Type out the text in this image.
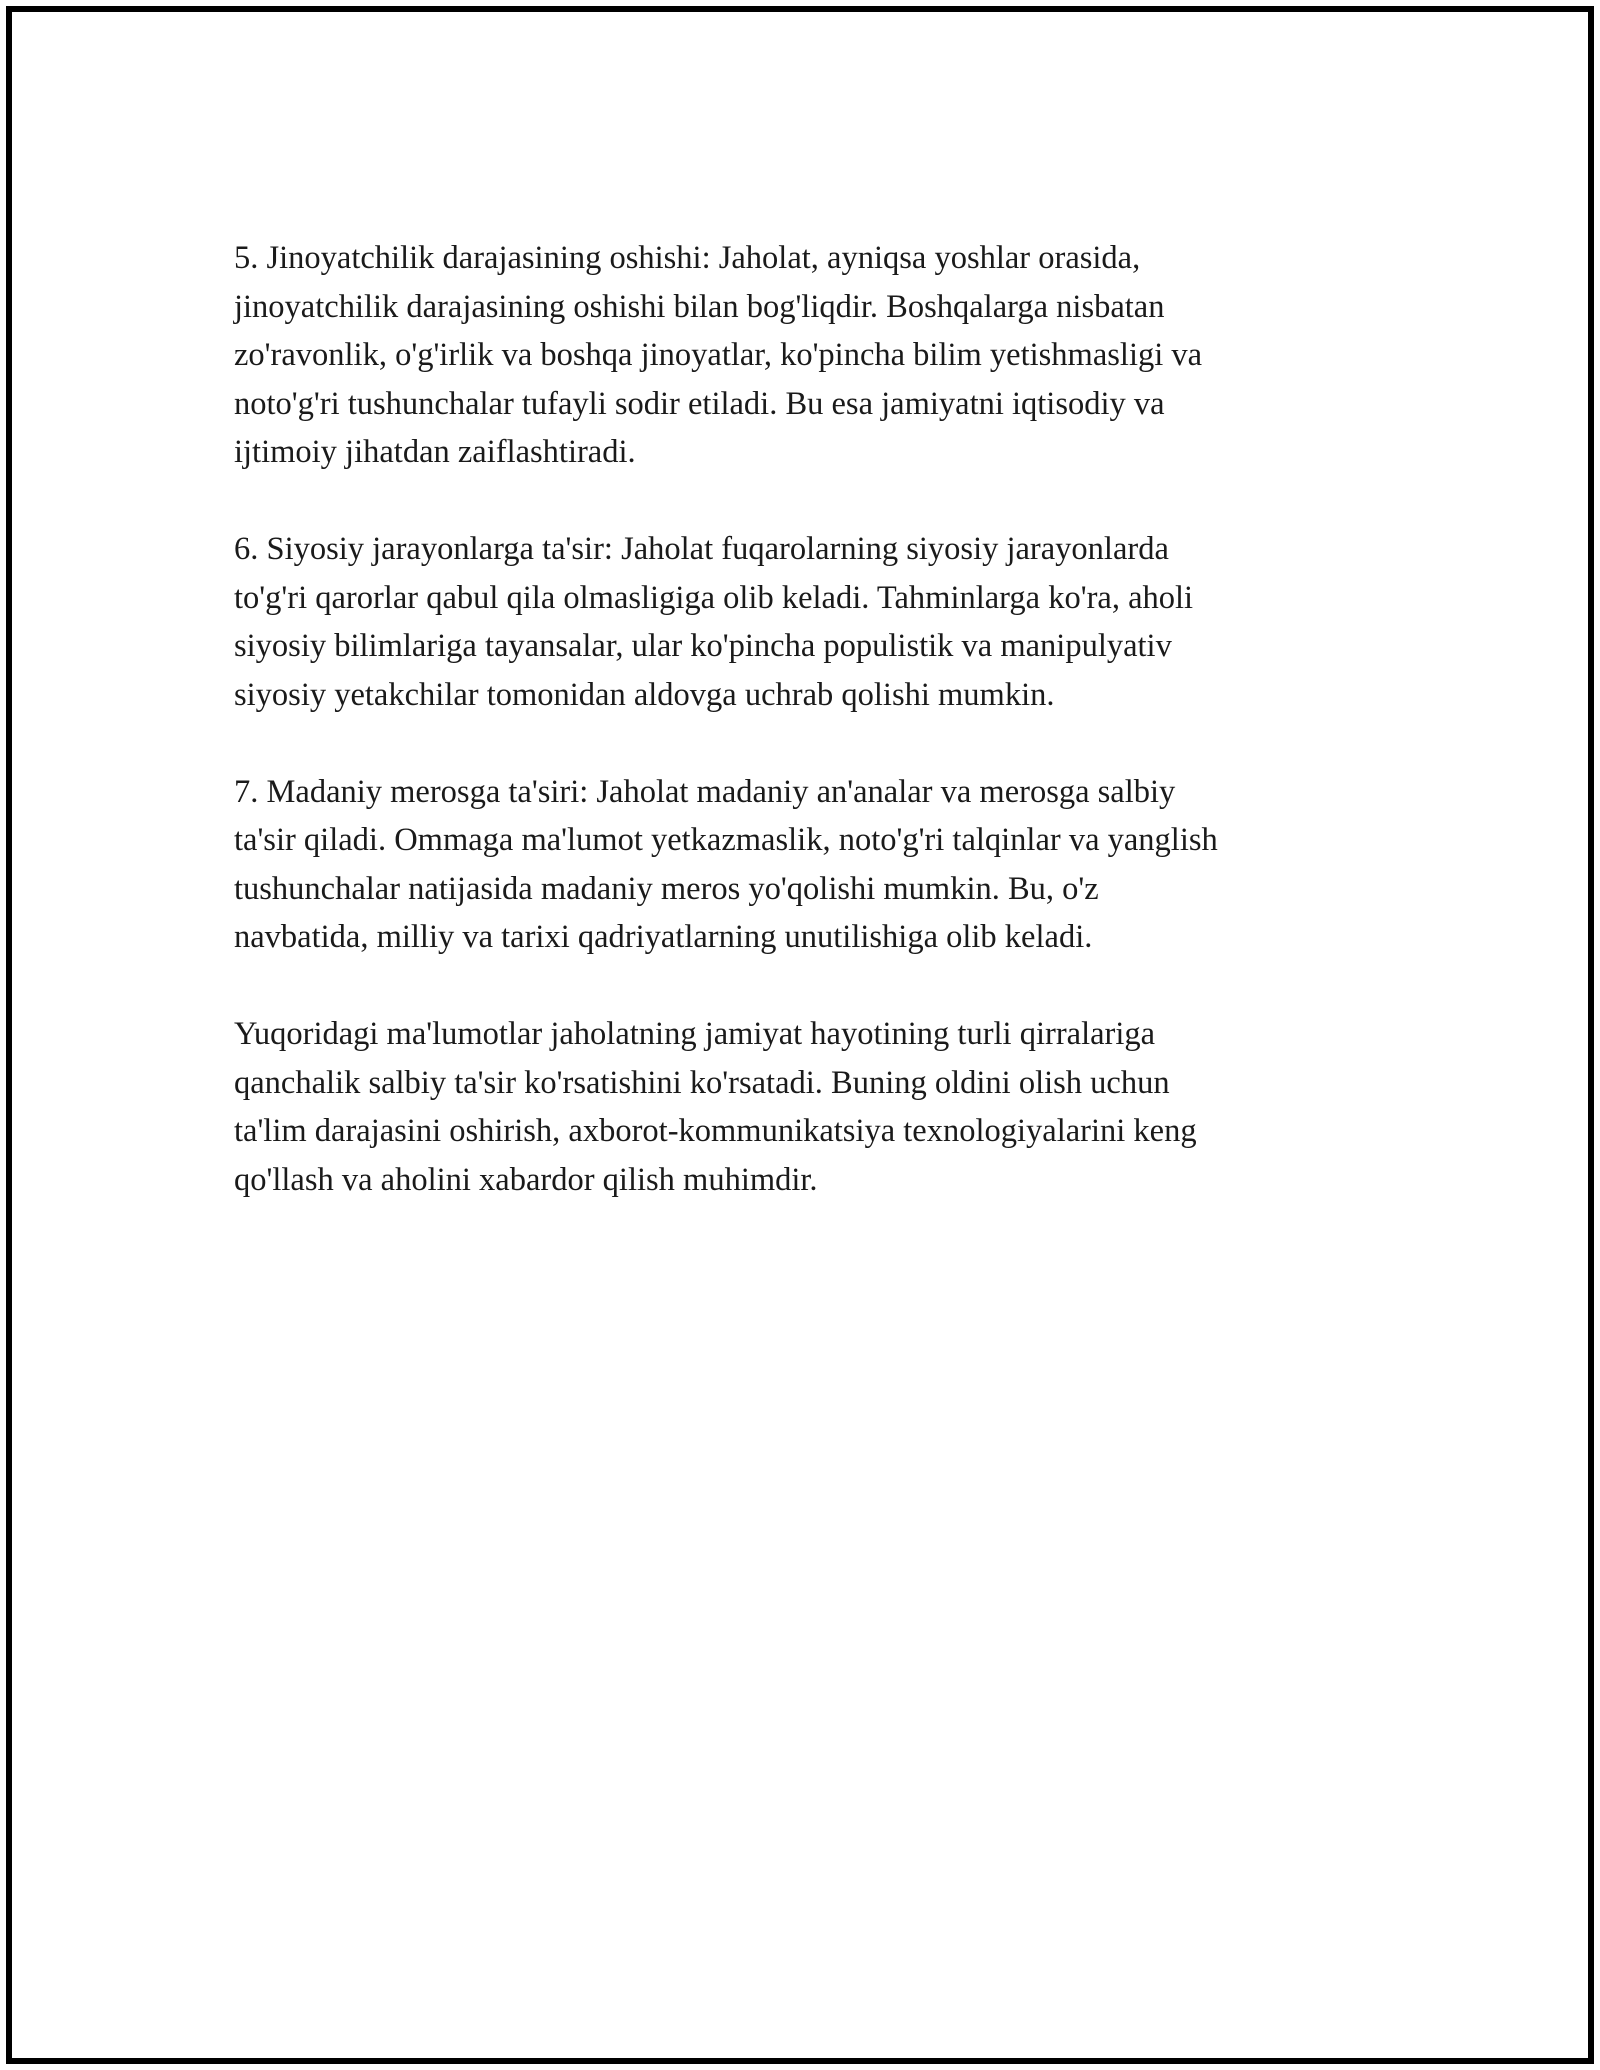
5. Jinoyatchilik darajasining oshishi: Jaholat, ayniqsa yoshlar orasida,
jinoyatchilik darajasining oshishi bilan bog'liqdir. Boshqalarga nisbatan
zo'ravonlik, o'g'irlik va boshqa jinoyatlar, ko'pincha bilim yetishmasligi va
noto'g'ri tushunchalar tufayli sodir etiladi. Bu esa jamiyatni iqtisodiy va
ijtimoiy jihatdan zaiflashtiradi.

6. Siyosiy jarayonlarga ta'sir: Jaholat fuqarolarning siyosiy jarayonlarda
to'g'ri qarorlar qabul qila olmasligiga olib keladi. Tahminlarga ko'ra, aholi
siyosiy bilimlariga tayansalar, ular ko'pincha populistik va manipulyativ
siyosiy yetakchilar tomonidan aldovga uchrab qolishi mumkin.

7. Madaniy merosga ta'siri: Jaholat madaniy an'analar va merosga salbiy
ta'sir qiladi. Ommaga ma'lumot yetkazmaslik, noto'g'ri talqinlar va yanglish
tushunchalar natijasida madaniy meros yo'qolishi mumkin. Bu, o'z
navbatida, milliy va tarixi qadriyatlarning unutilishiga olib keladi.

Yuqoridagi ma'lumotlar jaholatning jamiyat hayotining turli qirralariga
qanchalik salbiy ta'sir ko'rsatishini ko'rsatadi. Buning oldini olish uchun
ta'lim darajasini oshirish, axborot-kommunikatsiya texnologiyalarini keng
qo'llash va aholini xabardor qilish muhimdir.
